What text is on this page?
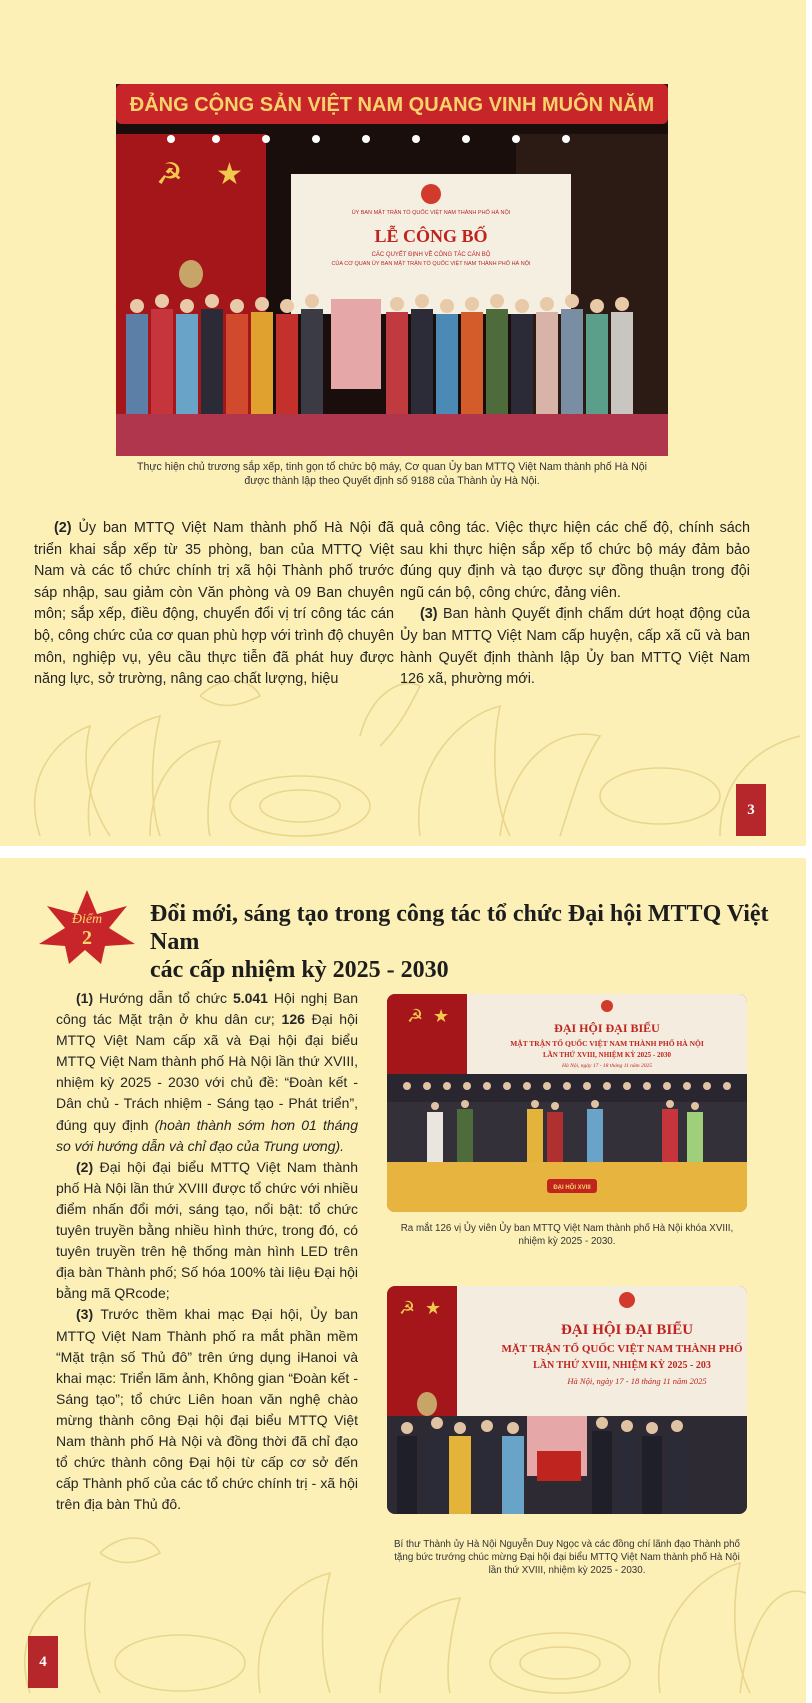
☭ ★
ỦY BAN MẶT TRẬN TỔ QUỐC VIỆT NAM THÀNH PHỐ HÀ NỘI
LỄ CÔNG BỐ
CÁC QUYẾT ĐỊNH VỀ CÔNG TÁC CÁN BỘ
CỦA CƠ QUAN ỦY BAN MẶT TRẬN TỔ QUỐC VIỆT NAM THÀNH PHỐ HÀ NỘI
ĐẢNG CỘNG SẢN VIỆT NAM QUANG VINH MUÔN NĂM
Thực hiện chủ trương sắp xếp, tinh gọn tổ chức bộ máy, Cơ quan Ủy ban MTTQ Việt Nam thành phố Hà Nội
được thành lập theo Quyết định số 9188 của Thành ủy Hà Nội.

(2) Ủy ban MTTQ Việt Nam thành phố Hà Nội đã triển khai sắp xếp từ 35 phòng, ban của MTTQ Việt Nam và các tổ chức chính trị xã hội Thành phố trước sáp nhập, sau giảm còn Văn phòng và 09 Ban chuyên môn; sắp xếp, điều động, chuyển đổi vị trí công tác cán bộ, công chức của cơ quan phù hợp với trình độ chuyên môn, nghiệp vụ, yêu cầu thực tiễn đã phát huy được năng lực, sở trường, nâng cao chất lượng, hiệu

quả công tác. Việc thực hiện các chế độ, chính sách sau khi thực hiện sắp xếp tổ chức bộ máy đảm bảo đúng quy định và tạo được sự đồng thuận trong đội ngũ cán bộ, công chức, đảng viên.

(3) Ban hành Quyết định chấm dứt hoạt động của Ủy ban MTTQ Việt Nam cấp huyện, cấp xã cũ và ban hành Quyết định thành lập Ủy ban MTTQ Việt Nam 126 xã, phường mới.

3
Điểm
2
Đổi mới, sáng tạo trong công tác tổ chức Đại hội MTTQ Việt Nam
các cấp nhiệm kỳ 2025 - 2030

(1) Hướng dẫn tổ chức 5.041 Hội nghị Ban công tác Mặt trận ở khu dân cư; 126 Đại hội MTTQ Việt Nam cấp xã và Đại hội đại biểu MTTQ Việt Nam thành phố Hà Nội lần thứ XVIII, nhiệm kỳ 2025 - 2030 với chủ đề: “Đoàn kết - Dân chủ - Trách nhiệm - Sáng tạo - Phát triển”, đúng quy định (hoàn thành sớm hơn 01 tháng so với hướng dẫn và chỉ đạo của Trung ương).

(2) Đại hội đại biểu MTTQ Việt Nam thành phố Hà Nội lần thứ XVIII được tổ chức với nhiều điểm nhấn đổi mới, sáng tạo, nổi bật: tổ chức tuyên truyền bằng nhiều hình thức, trong đó, có tuyên truyền trên hệ thống màn hình LED trên địa bàn Thành phố; Số hóa 100% tài liệu Đại hội bằng mã QRcode;

(3) Trước thềm khai mạc Đại hội, Ủy ban MTTQ Việt Nam Thành phố ra mắt phần mềm “Mặt trận số Thủ đô” trên ứng dụng iHanoi và khai mạc: Triển lãm ảnh, Không gian “Đoàn kết - Sáng tạo”; tổ chức Liên hoan văn nghệ chào mừng thành công Đại hội đại biểu MTTQ Việt Nam thành phố Hà Nội và đồng thời đã chỉ đạo tổ chức thành công Đại hội từ cấp cơ sở đến cấp Thành phố của các tổ chức chính trị - xã hội trên địa bàn Thủ đô.

☭ ★
ĐẠI HỘI ĐẠI BIỂU
MẶT TRẬN TỔ QUỐC VIỆT NAM THÀNH PHỐ HÀ NỘI
LẦN THỨ XVIII, NHIỆM KỲ 2025 - 2030
Hà Nội, ngày 17 - 18 tháng 11 năm 2025
ĐẠI HỘI XVIII
Ra mắt 126 vị Ủy viên Ủy ban MTTQ Việt Nam thành phố Hà Nội khóa XVIII,
nhiệm kỳ 2025 - 2030.
☭ ★
ĐẠI HỘI ĐẠI BIỂU
MẶT TRẬN TỔ QUỐC VIỆT NAM THÀNH PHỐ
LẦN THỨ XVIII, NHIỆM KỲ 2025 - 203
Hà Nội, ngày 17 - 18 tháng 11 năm 2025
Bí thư Thành ủy Hà Nội Nguyễn Duy Ngọc và các đồng chí lãnh đạo Thành phố
tặng bức trướng chúc mừng Đại hội đại biểu MTTQ Việt Nam thành phố Hà Nội
lần thứ XVIII, nhiệm kỳ 2025 - 2030.
4
